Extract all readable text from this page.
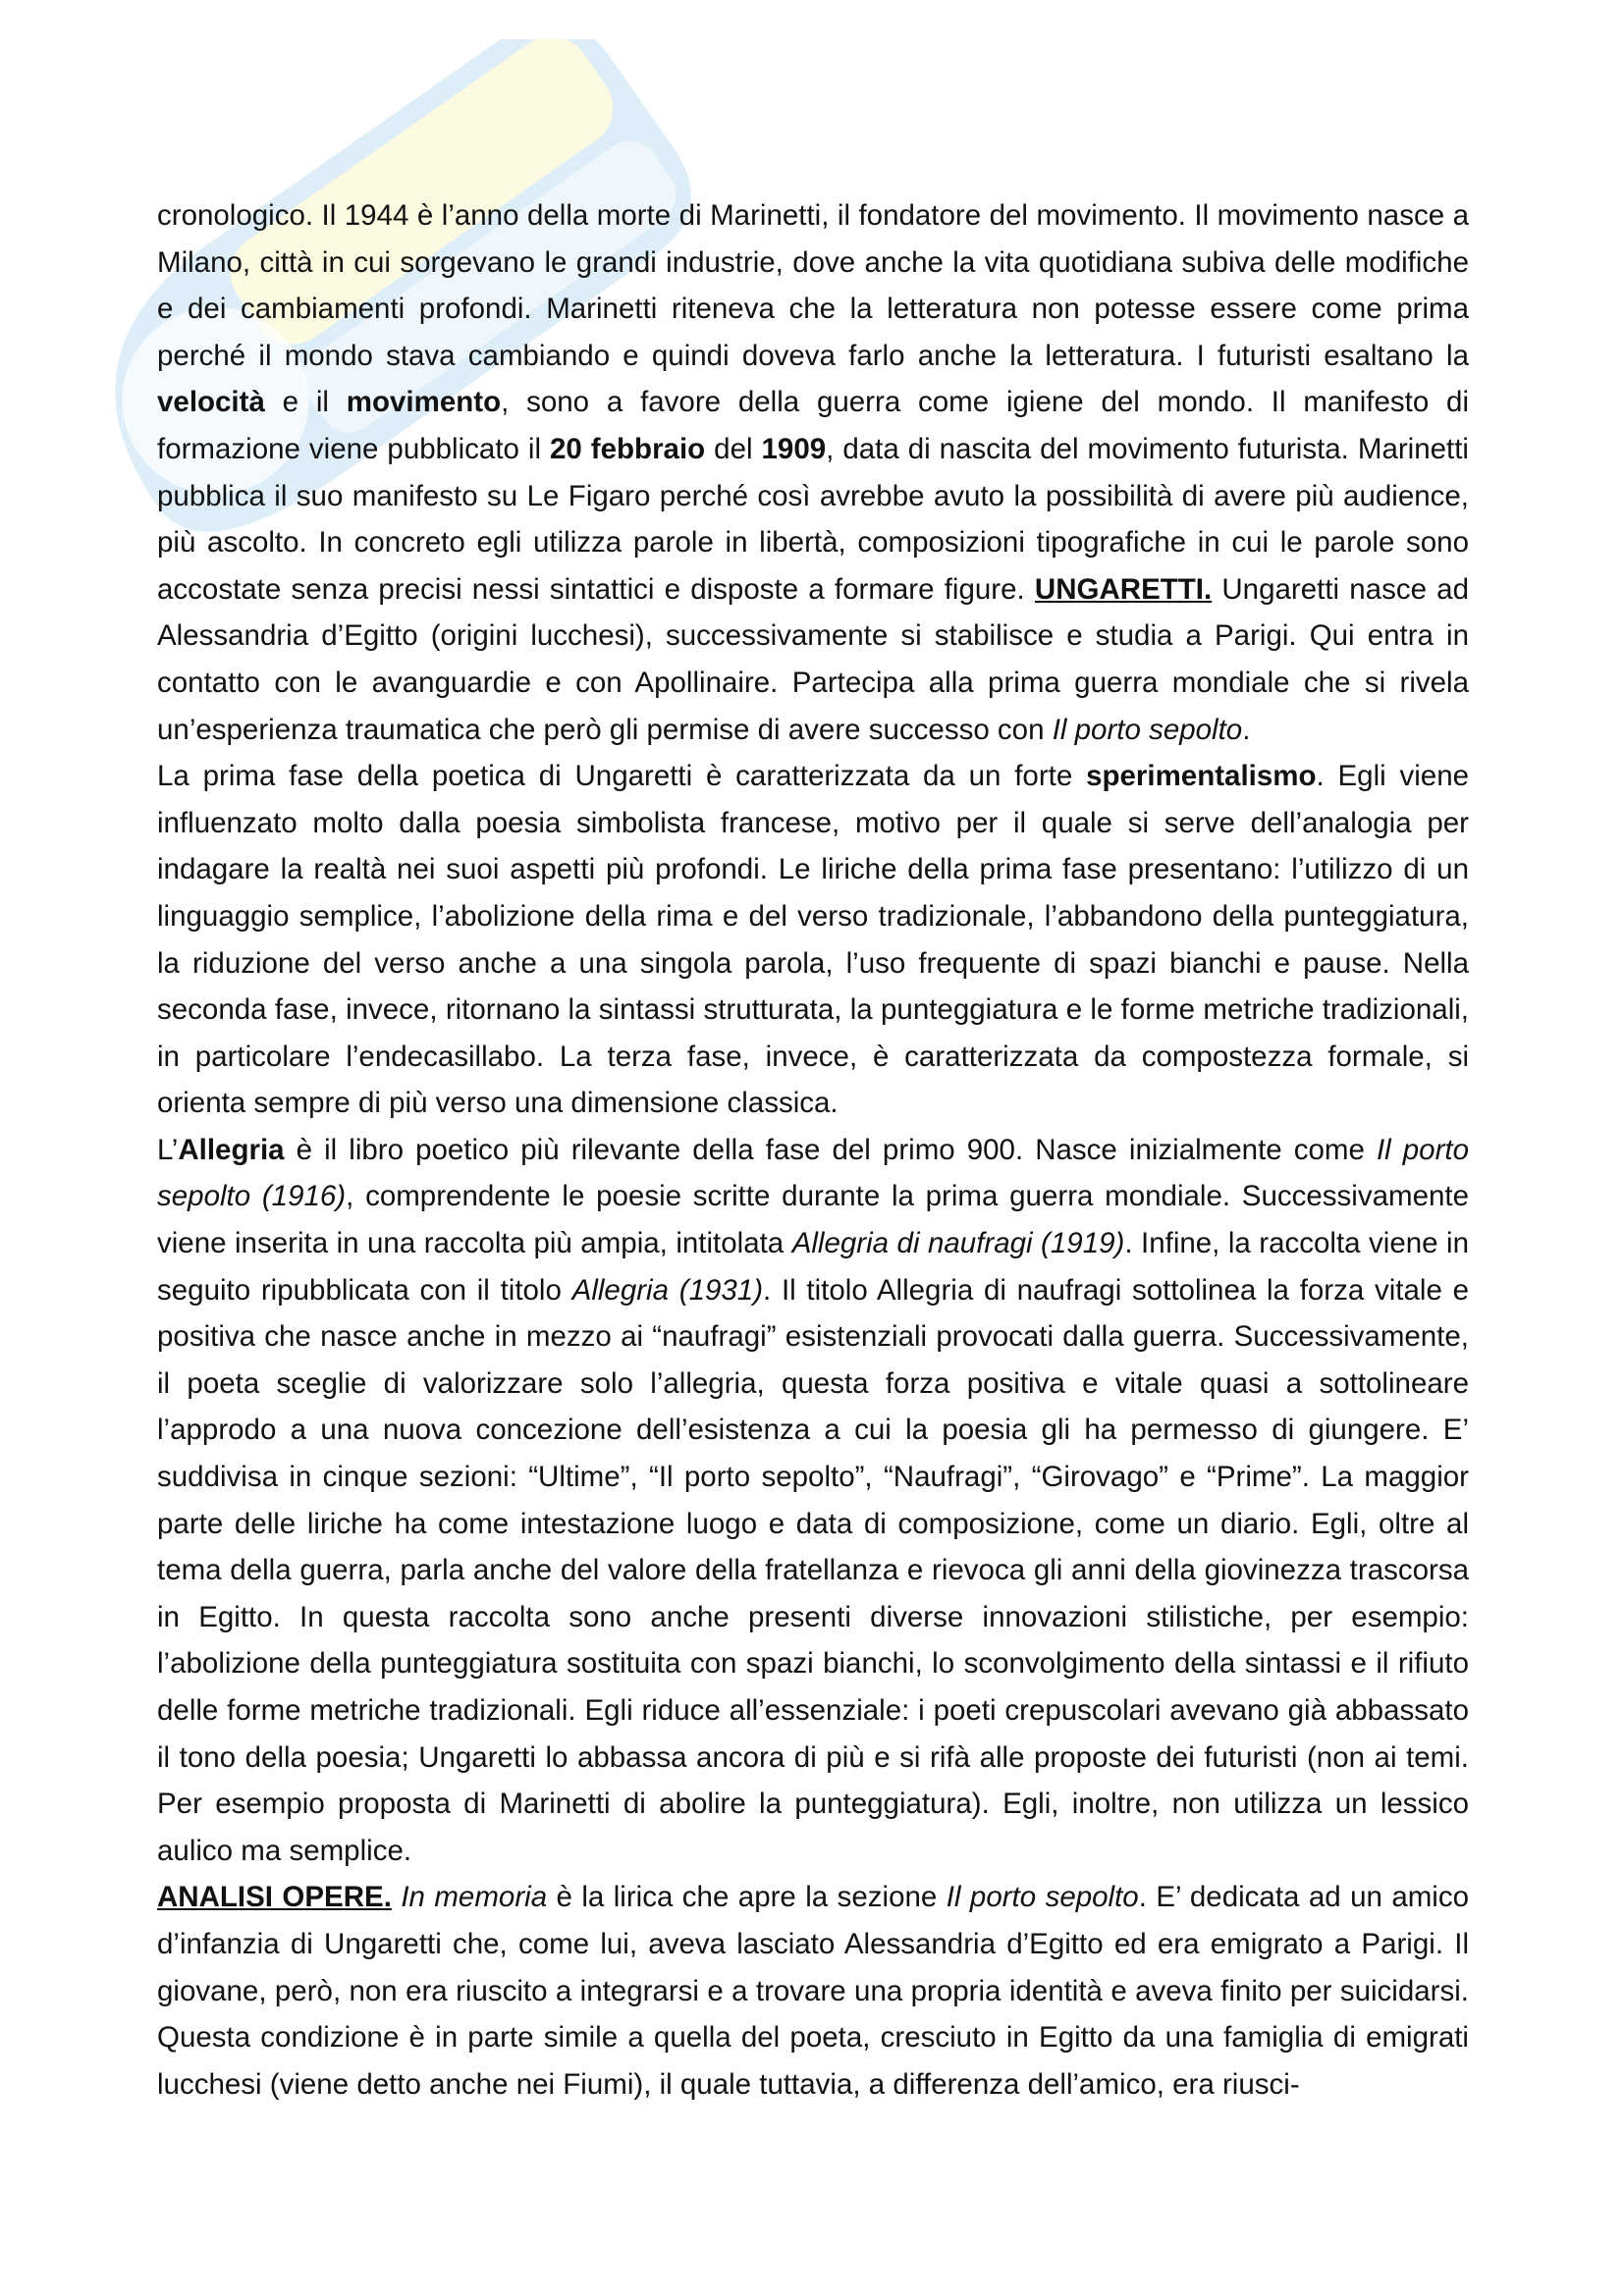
cronologico. Il 1944 è l’anno della morte di Marinetti, il fondatore del movimento. Il movimento nasce a Milano, città in cui sorgevano le grandi industrie, dove anche la vita quotidiana subiva delle modifiche e dei cambiamenti profondi. Marinetti riteneva che la letteratura non potesse essere come prima perché il mondo stava cambiando e quindi doveva farlo anche la letteratura. I futuristi esaltano la velocità e il movimento, sono a favore della guerra come igiene del mondo. Il manifesto di formazione viene pubblicato il 20 febbraio del 1909, data di nascita del movimento futurista. Marinetti pubblica il suo manifesto su Le Figaro perché così avrebbe avuto la possibilità di avere più audience, più ascolto. In concreto egli utilizza parole in libertà, composizioni tipografiche in cui le parole sono accostate senza precisi nessi sintattici e disposte a formare figure. UNGARETTI. Ungaretti nasce ad Alessandria d’Egitto (origini lucchesi), successivamente si stabilisce e studia a Parigi. Qui entra in contatto con le avanguardie e con Apollinaire. Partecipa alla prima guerra mondiale che si rivela un’esperienza traumatica che però gli permise di avere successo con Il porto sepolto.

La prima fase della poetica di Ungaretti è caratterizzata da un forte sperimentalismo. Egli viene influenzato molto dalla poesia simbolista francese, motivo per il quale si serve dell’analogia per indagare la realtà nei suoi aspetti più profondi. Le liriche della prima fase presentano: l’utilizzo di un linguaggio semplice, l’abolizione della rima e del verso tradizionale, l’abbandono della punteggiatura, la riduzione del verso anche a una singola parola, l’uso frequente di spazi bianchi e pause. Nella seconda fase, invece, ritornano la sintassi strutturata, la punteggiatura e le forme metriche tradizionali, in particolare l’endecasillabo. La terza fase, invece, è caratterizzata da compostezza formale, si orienta sempre di più verso una dimensione classica.

L’Allegria è il libro poetico più rilevante della fase del primo 900. Nasce inizialmente come Il porto sepolto (1916), comprendente le poesie scritte durante la prima guerra mondiale. Successivamente viene inserita in una raccolta più ampia, intitolata Allegria di naufragi (1919). Infine, la raccolta viene in seguito ripubblicata con il titolo Allegria (1931). Il titolo Allegria di naufragi sottolinea la forza vitale e positiva che nasce anche in mezzo ai “naufragi” esistenziali provocati dalla guerra. Successivamente, il poeta sceglie di valorizzare solo l’allegria, questa forza positiva e vitale quasi a sottolineare l’approdo a una nuova concezione dell’esistenza a cui la poesia gli ha permesso di giungere. E’ suddivisa in cinque sezioni: “Ultime”, “Il porto sepolto”, “Naufragi”, “Girovago” e “Prime”. La maggior parte delle liriche ha come intestazione luogo e data di composizione, come un diario. Egli, oltre al tema della guerra, parla anche del valore della fratellanza e rievoca gli anni della giovinezza trascorsa in Egitto. In questa raccolta sono anche presenti diverse innovazioni stilistiche, per esempio: l’abolizione della punteggiatura sostituita con spazi bianchi, lo sconvolgimento della sintassi e il rifiuto delle forme metriche tradizionali. Egli riduce all’essenziale: i poeti crepuscolari avevano già abbassato il tono della poesia; Ungaretti lo abbassa ancora di più e si rifà alle proposte dei futuristi (non ai temi. Per esempio proposta di Marinetti di abolire la punteggiatura). Egli, inoltre, non utilizza un lessico aulico ma semplice.

ANALISI OPERE. In memoria è la lirica che apre la sezione Il porto sepolto. E’ dedicata ad un amico d’infanzia di Ungaretti che, come lui, aveva lasciato Alessandria d’Egitto ed era emigrato a Parigi. Il giovane, però, non era riuscito a integrarsi e a trovare una propria identità e aveva finito per suicidarsi. Questa condizione è in parte simile a quella del poeta, cresciuto in Egitto da una famiglia di emigrati lucchesi (viene detto anche nei Fiumi), il quale tuttavia, a differenza dell’amico, era riusci-
